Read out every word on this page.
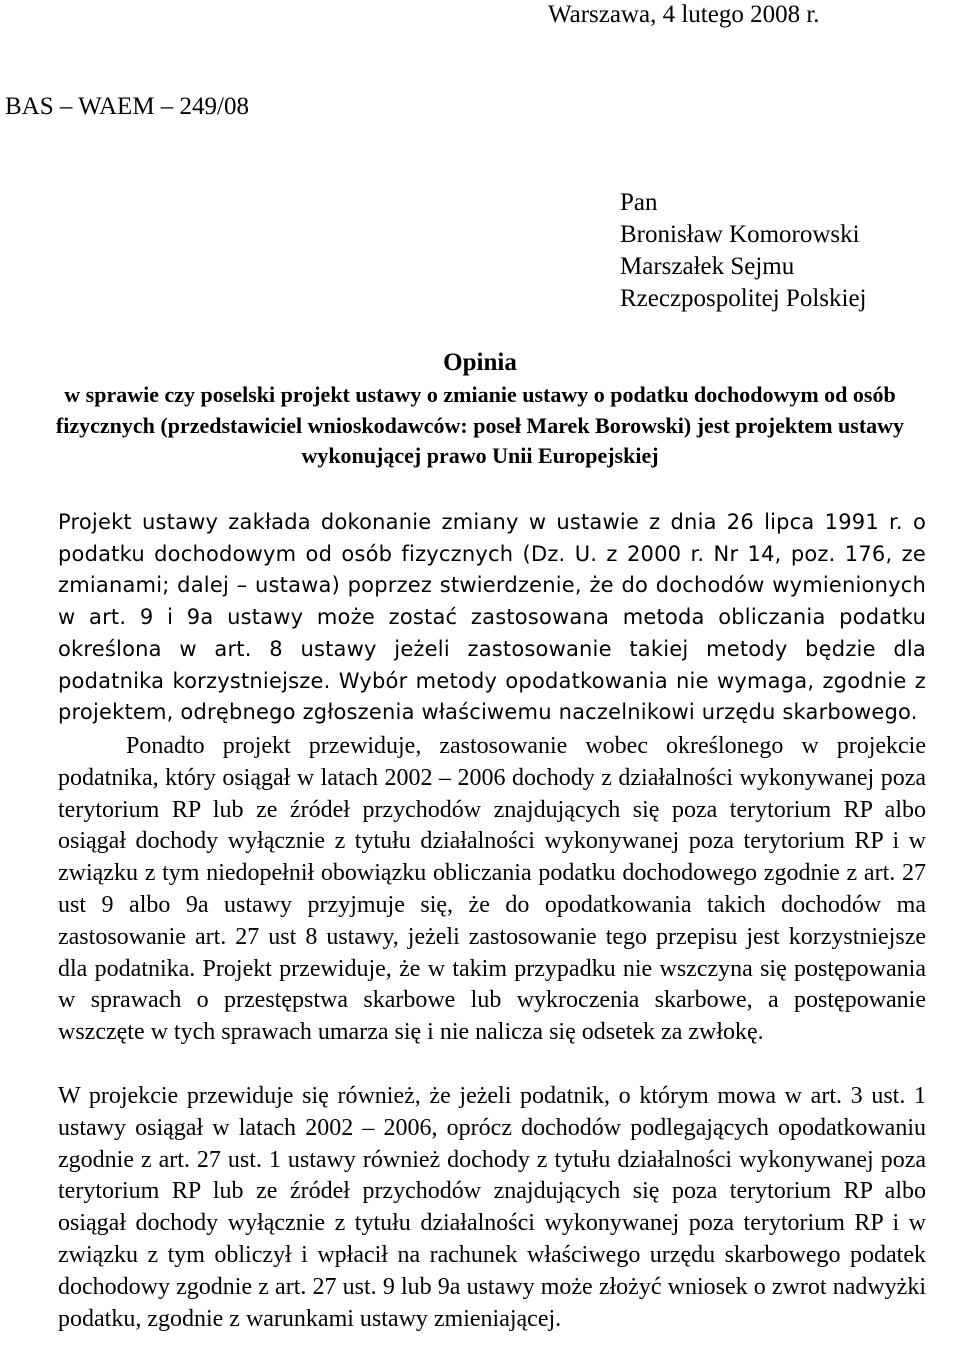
Warszawa, 4 lutego 2008 r.
BAS – WAEM – 249/08
Pan
Bronisław Komorowski
Marszałek Sejmu
Rzeczpospolitej Polskiej
Opinia
w sprawie czy poselski projekt ustawy o zmianie ustawy o podatku dochodowym od osób fizycznych (przedstawiciel wnioskodawców: poseł Marek Borowski) jest projektem ustawy wykonującej prawo Unii Europejskiej
Projekt ustawy zakłada dokonanie zmiany w ustawie z dnia 26 lipca 1991 r. o podatku dochodowym od osób fizycznych (Dz. U. z 2000 r. Nr 14, poz. 176, ze zmianami; dalej – ustawa) poprzez stwierdzenie, że do dochodów wymienionych w art. 9 i 9a ustawy może zostać zastosowana metoda obliczania podatku określona w art. 8 ustawy jeżeli zastosowanie takiej metody będzie dla podatnika korzystniejsze. Wybór metody opodatkowania nie wymaga, zgodnie z projektem, odrębnego zgłoszenia właściwemu naczelnikowi urzędu skarbowego.
Ponadto projekt przewiduje, zastosowanie wobec określonego w projekcie podatnika, który osiągał w latach 2002 – 2006 dochody z działalności wykonywanej poza terytorium RP lub ze źródeł przychodów znajdujących się poza terytorium RP albo osiągał dochody wyłącznie z tytułu działalności wykonywanej poza terytorium RP i w związku z tym niedopełnił obowiązku obliczania podatku dochodowego zgodnie z art. 27 ust 9 albo 9a ustawy przyjmuje się, że do opodatkowania takich dochodów ma zastosowanie art. 27 ust 8 ustawy, jeżeli zastosowanie tego przepisu jest korzystniejsze dla podatnika. Projekt przewiduje, że w takim przypadku nie wszczyna się postępowania w sprawach o przestępstwa skarbowe lub wykroczenia skarbowe, a postępowanie wszczęte w tych sprawach umarza się i nie nalicza się odsetek za zwłokę.
W projekcie przewiduje się również, że jeżeli podatnik, o którym mowa w art. 3 ust. 1 ustawy osiągał w latach 2002 – 2006, oprócz dochodów podlegających opodatkowaniu zgodnie z art. 27 ust. 1 ustawy również dochody z tytułu działalności wykonywanej poza terytorium RP lub ze źródeł przychodów znajdujących się poza terytorium RP albo osiągał dochody wyłącznie z tytułu działalności wykonywanej poza terytorium RP i w związku z tym obliczył i wpłacił na rachunek właściwego urzędu skarbowego podatek dochodowy zgodnie z art. 27 ust. 9 lub 9a ustawy może złożyć wniosek o zwrot nadwyżki podatku, zgodnie z warunkami ustawy zmieniającej.
